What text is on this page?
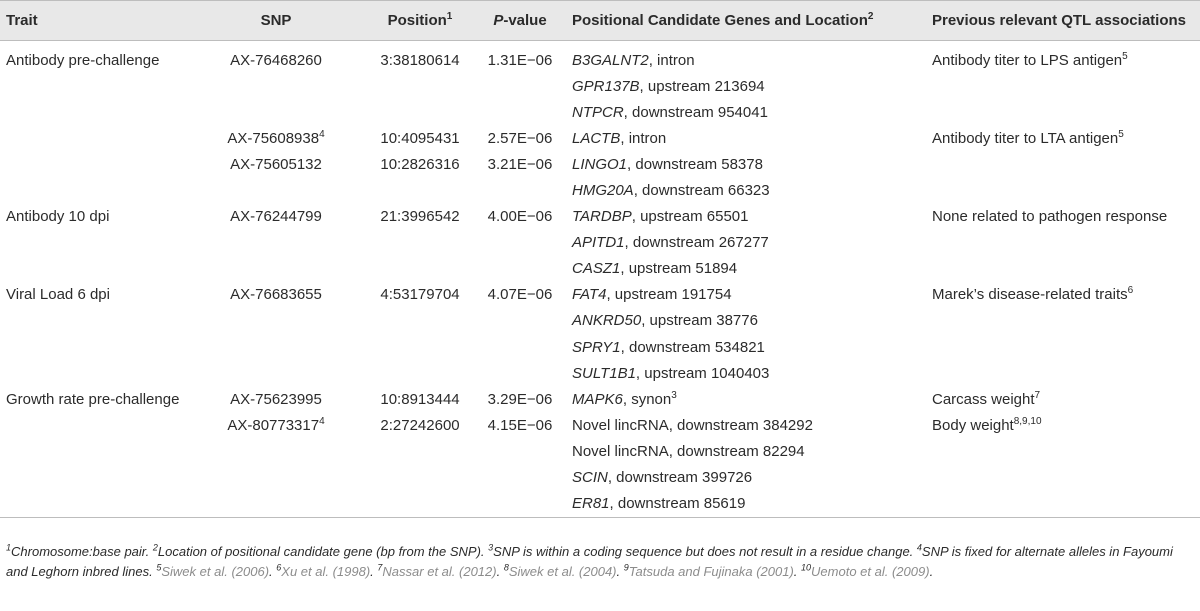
Trait	SNP	Position$^1$	P-value	Positional Candidate Genes and Location$^2$	Previous relevant QTL associations
Antibody pre-challenge	AX-76468260	3:38180614	1.31E−06	B3GALNT2, intron	Antibody titer to LPS antigen$^5$
				GPR137B, upstream 213694	
				NTPCR, downstream 954041	
	AX-75608938$^4$	10:4095431	2.57E−06	LACTB, intron	Antibody titer to LTA antigen$^5$
	AX-75605132	10:2826316	3.21E−06	LINGO1, downstream 58378	
				HMG20A, downstream 66323	
Antibody 10 dpi	AX-76244799	21:3996542	4.00E−06	TARDBP, upstream 65501	None related to pathogen response
				APITD1, downstream 267277	
				CASZ1, upstream 51894	
Viral Load 6 dpi	AX-76683655	4:53179704	4.07E−06	FAT4, upstream 191754	Marek’s disease-related traits$^6$
				ANKRD50, upstream 38776	
				SPRY1, downstream 534821	
				SULT1B1, upstream 1040403	
Growth rate pre-challenge	AX-75623995	10:8913444	3.29E−06	MAPK6, synon$^3$	Carcass weight$^7$
	AX-80773317$^4$	2:27242600	4.15E−06	Novel lincRNA, downstream 384292	Body weight$^{8,9,10}$
				Novel lincRNA, downstream 82294	
				SCIN, downstream 399726	
				ER81, downstream 85619	
$^1$Chromosome:base pair. $^2$Location of positional candidate gene (bp from the SNP). $^3$SNP is within a coding sequence but does not result in a residue change. $^4$SNP is fixed for alternate alleles in Fayoumi and Leghorn inbred lines. $^5$Siwek et al. (2006). $^6$Xu et al. (1998). $^7$Nassar et al. (2012). $^8$Siwek et al. (2004). $^9$Tatsuda and Fujinaka (2001). $^{10}$Uemoto et al. (2009).
